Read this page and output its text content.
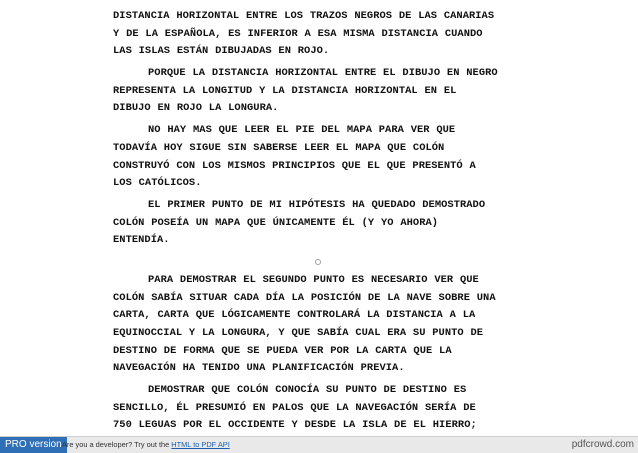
DISTANCIA HORIZONTAL ENTRE LOS TRAZOS NEGROS DE LAS CANARIAS
Y DE LA ESPAÑOLA, ES INFERIOR A ESA MISMA DISTANCIA CUANDO
LAS ISLAS ESTÁN DIBUJADAS EN ROJO.
PORQUE LA DISTANCIA HORIZONTAL ENTRE EL DIBUJO EN NEGRO
REPRESENTA LA LONGITUD Y LA DISTANCIA HORIZONTAL EN EL
DIBUJO EN ROJO LA LONGURA.
NO HAY MAS QUE LEER EL PIE DEL MAPA PARA VER QUE
TODAVÍA HOY SIGUE SIN SABERSE LEER EL MAPA QUE COLÓN
CONSTRUYÓ CON LOS MISMOS PRINCIPIOS QUE EL QUE PRESENTÓ A
LOS CATÓLICOS.
EL PRIMER PUNTO DE MI HIPÓTESIS HA QUEDADO DEMOSTRADO
COLÓN POSEÍA UN MAPA QUE ÚNICAMENTE ÉL (Y YO AHORA)
ENTENDÍA.
PARA DEMOSTRAR EL SEGUNDO PUNTO ES NECESARIO VER QUE
COLÓN SABÍA SITUAR CADA DÍA LA POSICIÓN DE LA NAVE SOBRE UNA
CARTA, CARTA QUE LÓGICAMENTE CONTROLARÁ LA DISTANCIA A LA
EQUINOCCIAL Y LA LONGURA, Y QUE SABÍA CUAL ERA SU PUNTO DE
DESTINO DE FORMA QUE SE PUEDA VER POR LA CARTA QUE LA
NAVEGACIÓN HA TENIDO UNA PLANIFICACIÓN PREVIA.
DEMOSTRAR QUE COLÓN CONOCÍA SU PUNTO DE DESTINO ES
SENCILLO, ÉL PRESUMIÓ EN PALOS QUE LA NAVEGACIÓN SERÍA DE
750 LEGUAS POR EL OCCIDENTE Y DESDE LA ISLA DE EL HIERRO;
PRO version Are you a developer? Try out the HTML to PDF API	pdfcrowd.com
